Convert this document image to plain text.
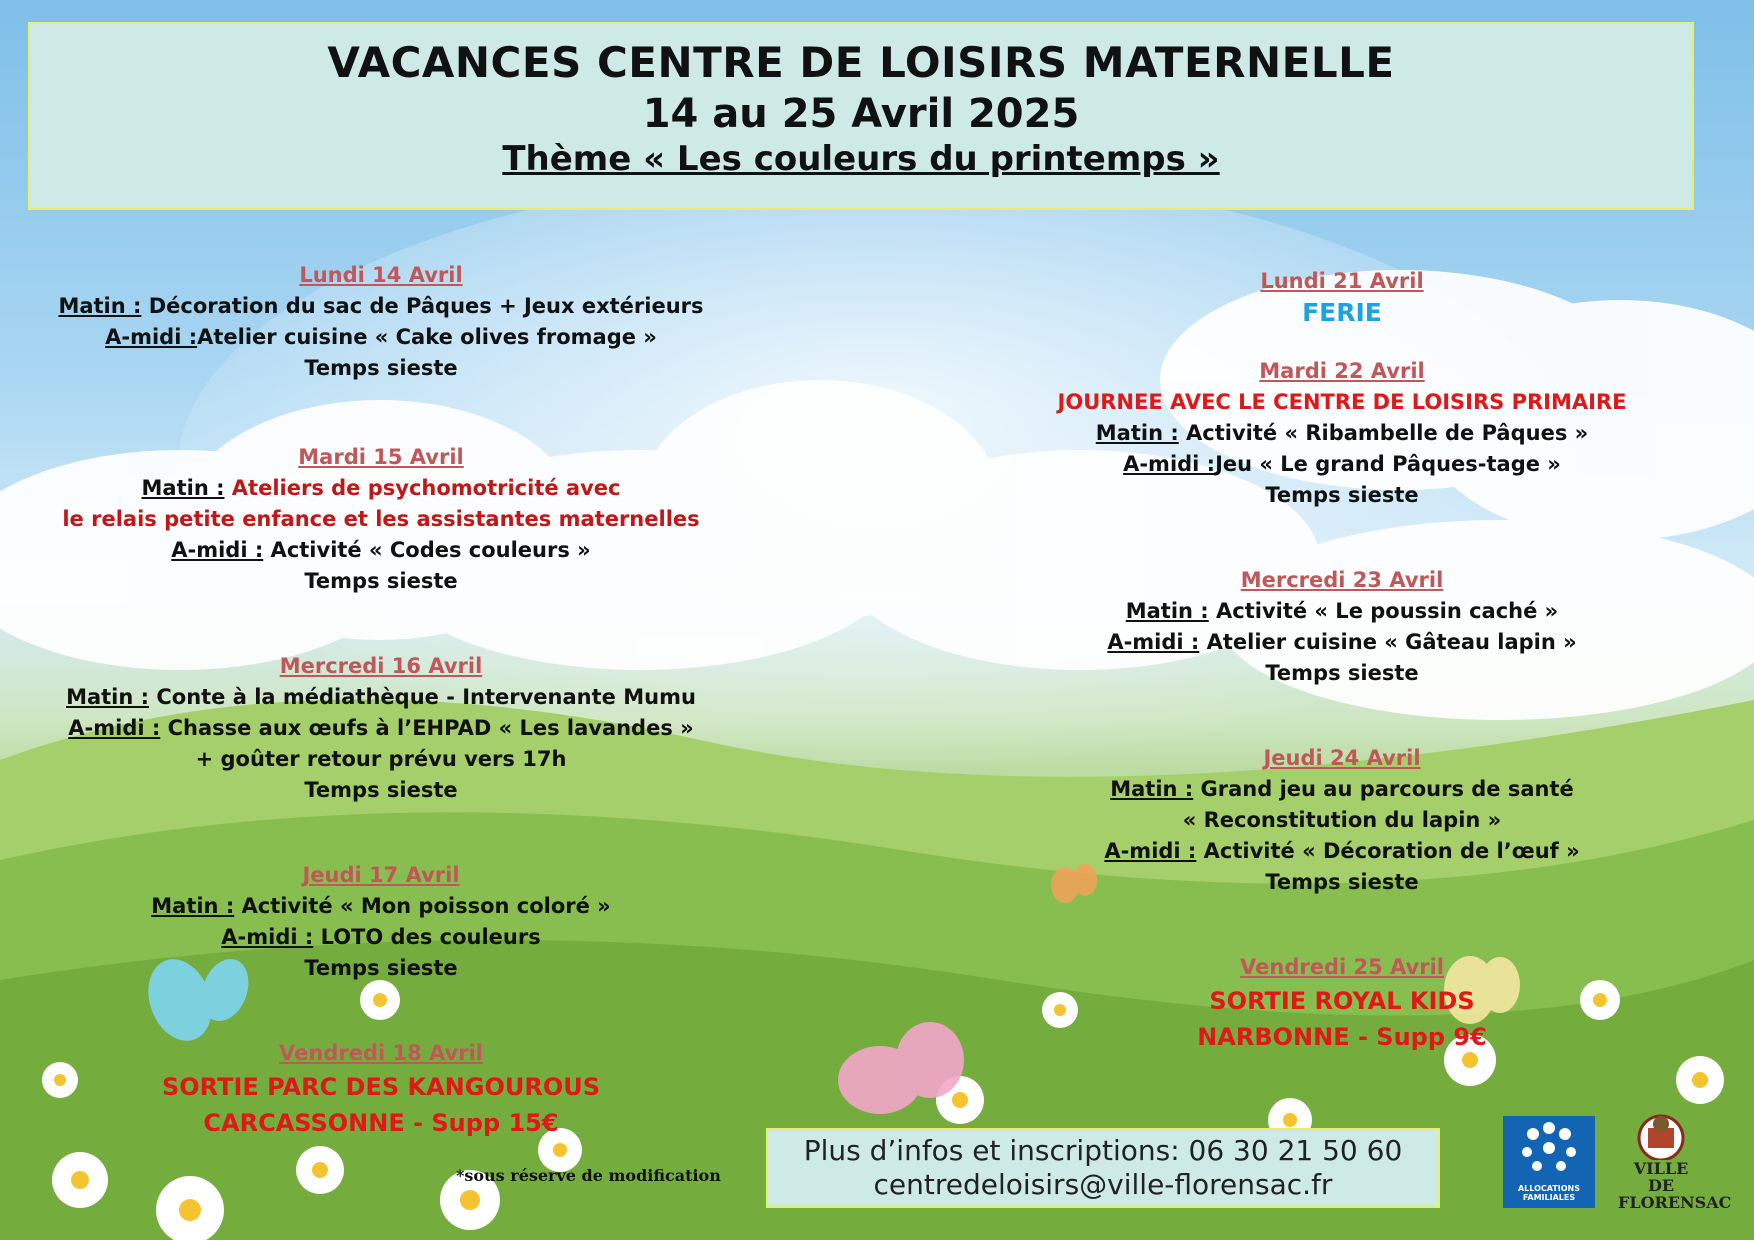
VACANCES CENTRE DE LOISIRS MATERNELLE
14 au 25 Avril 2025
Thème « Les couleurs du printemps »
Lundi 14 Avril
Matin : Décoration du sac de Pâques + Jeux extérieurs
A-midi :Atelier cuisine « Cake olives fromage »
Temps sieste
Mardi 15 Avril
Matin : Ateliers de psychomotricité avec
le relais petite enfance et les assistantes maternelles
A-midi : Activité « Codes couleurs »
Temps sieste
Mercredi 16 Avril
Matin : Conte à la médiathèque - Intervenante Mumu
A-midi : Chasse aux œufs à l’EHPAD « Les lavandes »
+ goûter retour prévu vers 17h
Temps sieste
Jeudi 17 Avril
Matin : Activité « Mon poisson coloré »
A-midi : LOTO des couleurs
Temps sieste
Vendredi 18 Avril
SORTIE PARC DES KANGOUROUS
CARCASSONNE - Supp 15€
Lundi 21 Avril
FERIE
Mardi 22 Avril
JOURNEE AVEC LE CENTRE DE LOISIRS PRIMAIRE
Matin : Activité « Ribambelle de Pâques »
A-midi :Jeu « Le grand Pâques-tage »
Temps sieste
Mercredi 23 Avril
Matin : Activité « Le poussin caché »
A-midi : Atelier cuisine « Gâteau lapin »
Temps sieste
Jeudi 24 Avril
Matin : Grand jeu au parcours de santé
« Reconstitution du lapin »
A-midi : Activité « Décoration de l’œuf »
Temps sieste
Vendredi 25 Avril
SORTIE ROYAL KIDS
NARBONNE - Supp 9€
*sous réserve de modification
Plus d’infos et inscriptions: 06 30 21 50 60
centredeloisirs@ville-florensac.fr	ALLOCATIONS FAMILIALES
VILLE DE
FLORENSAC
